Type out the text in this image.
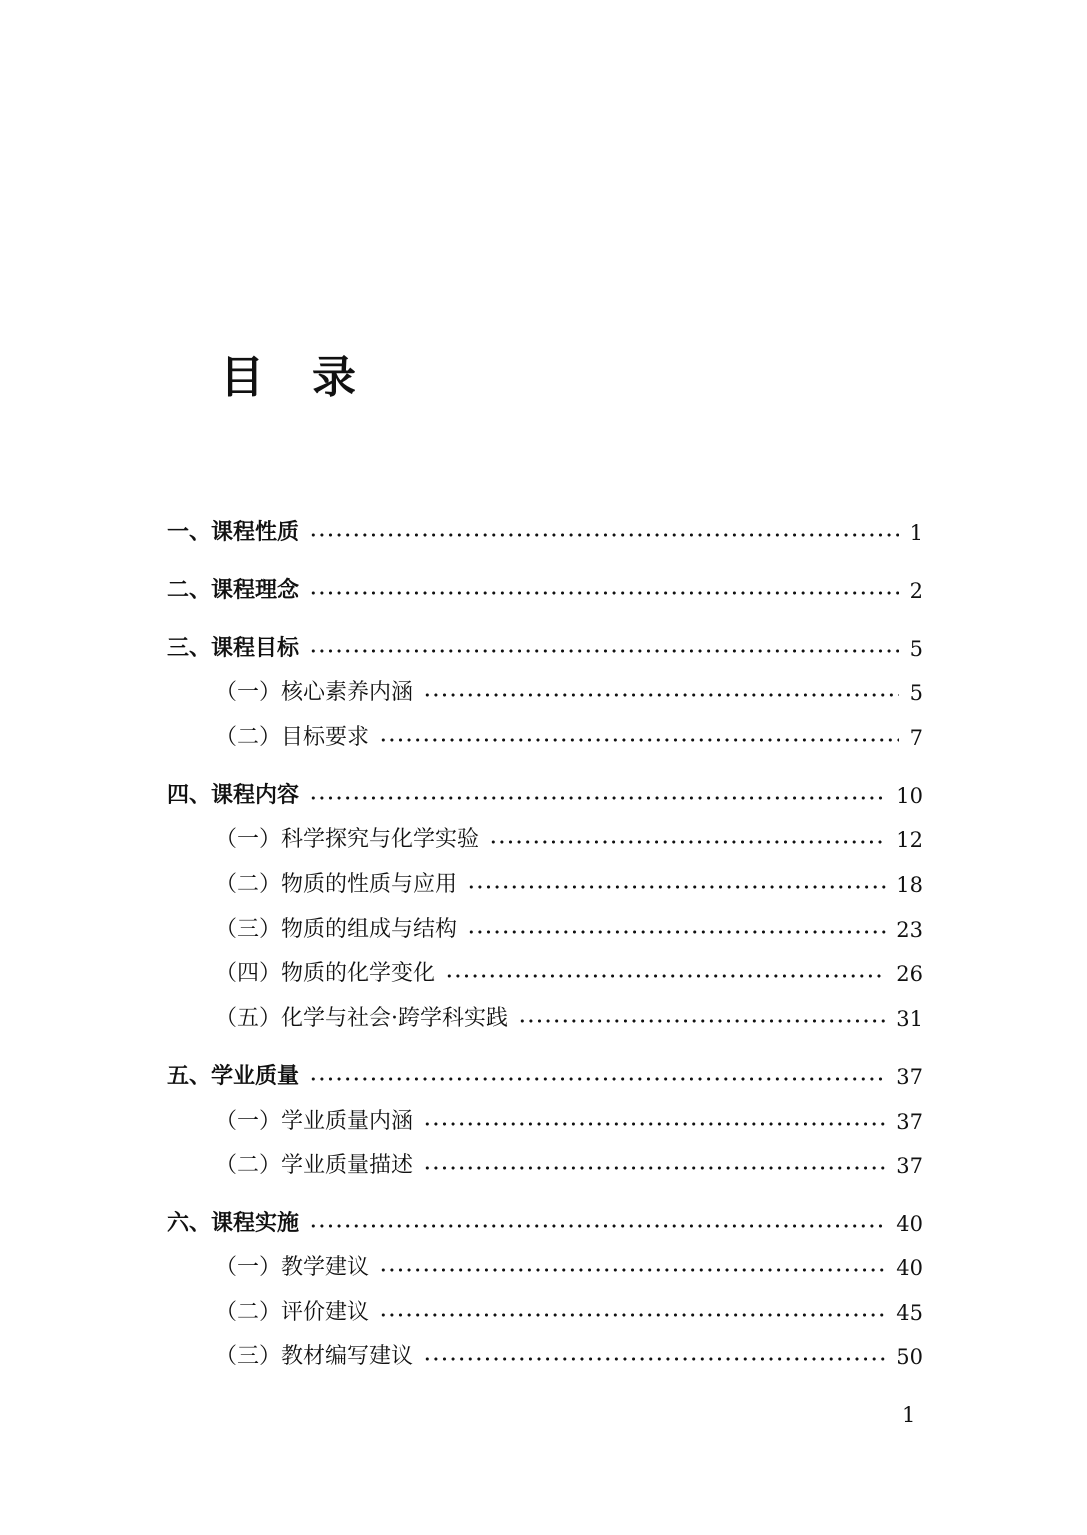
目录
一、课程性质	1
二、课程理念	2
三、课程目标	5
（一）核心素养内涵	5
（二）目标要求	7
四、课程内容	10
（一）科学探究与化学实验	12
（二）物质的性质与应用	18
（三）物质的组成与结构	23
（四）物质的化学变化	26
（五）化学与社会·跨学科实践	31
五、学业质量	37
（一）学业质量内涵	37
（二）学业质量描述	37
六、课程实施	40
（一）教学建议	40
（二）评价建议	45
（三）教材编写建议	50
1
